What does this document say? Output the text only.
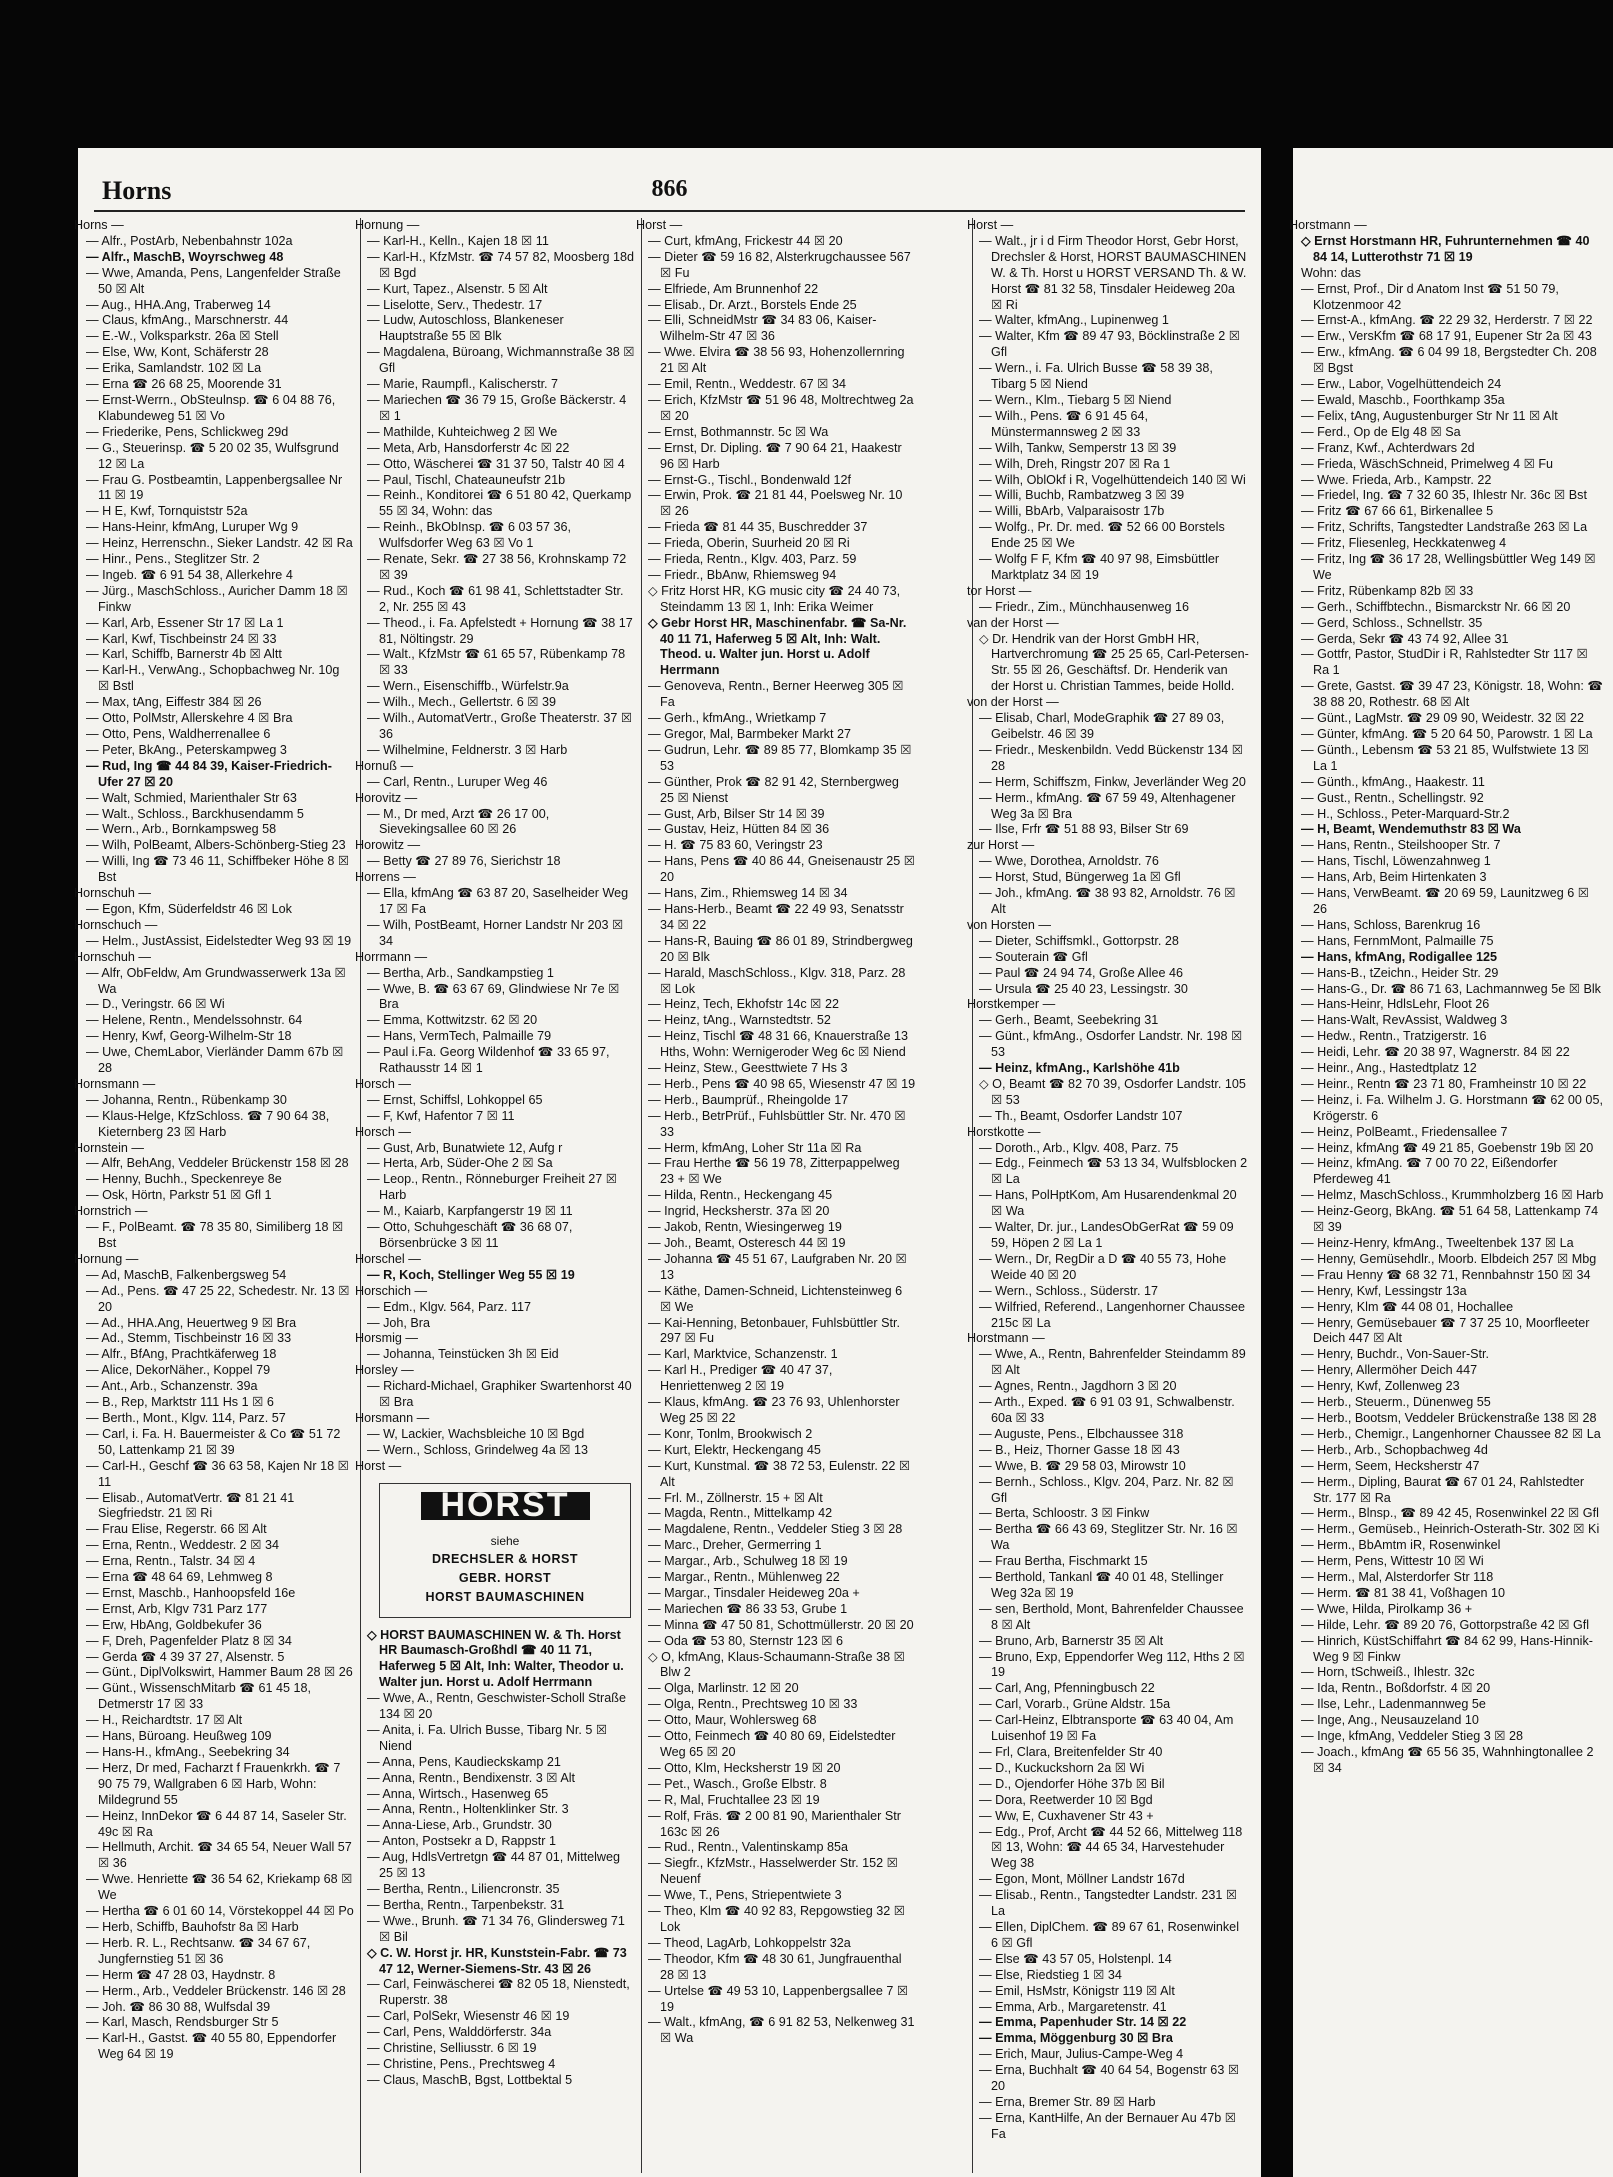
Horns	866
Horns —
— Alfr., PostArb, Nebenbahnstr 102a
— Alfr., MaschB, Woyrschweg 48
— Wwe, Amanda, Pens, Langenfelder Straße 50 ☒ Alt
— Aug., HHA.Ang, Traberweg 14
— Claus, kfmAng., Marschnerstr. 44
— E.-W., Volksparkstr. 26a ☒ Stell
— Else, Ww, Kont, Schäferstr 28
— Erika, Samlandstr. 102 ☒ La
— Erna ☎ 26 68 25, Moorende 31
— Ernst-Werrn., ObSteulnsp. ☎ 6 04 88 76, Klabundeweg 51 ☒ Vo
— Friederike, Pens, Schlickweg 29d
— G., Steuerinsp. ☎ 5 20 02 35, Wulfsgrund 12 ☒ La
— Frau G. Postbeamtin, Lappenbergsallee Nr 11 ☒ 19
— H E, Kwf, Tornquiststr 52a
— Hans-Heinr, kfmAng, Luruper Wg 9
— Heinz, Herrenschn., Sieker Landstr. 42 ☒ Ra
— Hinr., Pens., Steglitzer Str. 2
— Ingeb. ☎ 6 91 54 38, Allerkehre 4
— Jürg., MaschSchloss., Auricher Damm 18 ☒ Finkw
— Karl, Arb, Essener Str 17 ☒ La 1
— Karl, Kwf, Tischbeinstr 24 ☒ 33
— Karl, Schiffb, Barnerstr 4b ☒ Altt
— Karl-H., VerwAng., Schopbachweg Nr. 10g ☒ Bstl
— Max, tAng, Eiffestr 384 ☒ 26
— Otto, PolMstr, Allerskehre 4 ☒ Bra
— Otto, Pens, Waldherrenallee 6
— Peter, BkAng., Peterskampweg 3
— Rud, Ing ☎ 44 84 39, Kaiser-Friedrich-Ufer 27 ☒ 20
— Walt, Schmied, Marienthaler Str 63
— Walt., Schloss., Barckhusendamm 5
— Wern., Arb., Bornkampsweg 58
— Wilh, PolBeamt, Albers-Schönberg-Stieg 23
— Willi, Ing ☎ 73 46 11, Schiffbeker Höhe 8 ☒ Bst
Hornschuh —
— Egon, Kfm, Süderfeldstr 46 ☒ Lok
Hornschuch —
— Helm., JustAssist, Eidelstedter Weg 93 ☒ 19
Hornschuh —
— Alfr, ObFeldw, Am Grundwasserwerk 13a ☒ Wa
— D., Veringstr. 66 ☒ Wi
— Helene, Rentn., Mendelssohnstr. 64
— Henry, Kwf, Georg-Wilhelm-Str 18
— Uwe, ChemLabor, Vierländer Damm 67b ☒ 28
Hornsmann —
— Johanna, Rentn., Rübenkamp 30
— Klaus-Helge, KfzSchloss. ☎ 7 90 64 38, Kieternberg 23 ☒ Harb
Hornstein —
— Alfr, BehAng, Veddeler Brückenstr 158 ☒ 28
— Henny, Buchh., Speckenreye 8e
— Osk, Hörtn, Parkstr 51 ☒ Gfl 1
Hornstrich —
— F., PolBeamt. ☎ 78 35 80, Similiberg 18 ☒ Bst
Hornung —
— Ad, MaschB, Falkenbergsweg 54
— Ad., Pens. ☎ 47 25 22, Schedestr. Nr. 13 ☒ 20
— Ad., HHA.Ang, Heuertweg 9 ☒ Bra
— Ad., Stemm, Tischbeinstr 16 ☒ 33
— Alfr., BfAng, Prachtkäferweg 18
— Alice, DekorNäher., Koppel 79
— Ant., Arb., Schanzenstr. 39a
— B., Rep, Marktstr 111 Hs 1 ☒ 6
— Berth., Mont., Klgv. 114, Parz. 57
— Carl, i. Fa. H. Bauermeister & Co ☎ 51 72 50, Lattenkamp 21 ☒ 39
— Carl-H., Geschf ☎ 36 63 58, Kajen Nr 18 ☒ 11
— Elisab., AutomatVertr. ☎ 81 21 41 Siegfriedstr. 21 ☒ Ri
— Frau Elise, Regerstr. 66 ☒ Alt
— Erna, Rentn., Weddestr. 2 ☒ 34
— Erna, Rentn., Talstr. 34 ☒ 4
— Erna ☎ 48 64 69, Lehmweg 8
— Ernst, Maschb., Hanhoopsfeld 16e
— Ernst, Arb, Klgv 731 Parz 177
— Erw, HbAng, Goldbekufer 36
— F, Dreh, Pagenfelder Platz 8 ☒ 34
— Gerda ☎ 4 39 37 27, Alsenstr. 5
— Günt., DiplVolkswirt, Hammer Baum 28 ☒ 26
— Günt., WissenschMitarb ☎ 61 45 18, Detmerstr 17 ☒ 33
— H., Reichardtstr. 17 ☒ Alt
— Hans, Büroang. Heußweg 109
— Hans-H., kfmAng., Seebekring 34
— Herz, Dr med, Facharzt f Frauenkrkh. ☎ 7 90 75 79, Wallgraben 6 ☒ Harb, Wohn: Mildegrund 55
— Heinz, InnDekor ☎ 6 44 87 14, Saseler Str. 49c ☒ Ra
— Hellmuth, Archit. ☎ 34 65 54, Neuer Wall 57 ☒ 36
— Wwe. Henriette ☎ 36 54 62, Kriekamp 68 ☒ We
— Hertha ☎ 6 01 60 14, Vörstekoppel 44 ☒ Po
— Herb, Schiffb, Bauhofstr 8a ☒ Harb
— Herb. R. L., Rechtsanw. ☎ 34 67 67, Jungfernstieg 51 ☒ 36
— Herm ☎ 47 28 03, Haydnstr. 8
— Herm., Arb., Veddeler Brückenstr. 146 ☒ 28
— Joh. ☎ 86 30 88, Wulfsdal 39
— Karl, Masch, Rendsburger Str 5
— Karl-H., Gastst. ☎ 40 55 80, Eppendorfer Weg 64 ☒ 19
Hornung —
— Karl-H., Kelln., Kajen 18 ☒ 11
— Karl-H., KfzMstr. ☎ 74 57 82, Moosberg 18d ☒ Bgd
— Kurt, Tapez., Alsenstr. 5 ☒ Alt
— Liselotte, Serv., Thedestr. 17
— Ludw, Autoschloss, Blankeneser Hauptstraße 55 ☒ Blk
— Magdalena, Büroang, Wichmannstraße 38 ☒ Gfl
— Marie, Raumpfl., Kalischerstr. 7
— Mariechen ☎ 36 79 15, Große Bäckerstr. 4 ☒ 1
— Mathilde, Kuhteichweg 2 ☒ We
— Meta, Arb, Hansdorferstr 4c ☒ 22
— Otto, Wäscherei ☎ 31 37 50, Talstr 40 ☒ 4
— Paul, Tischl, Chateauneufstr 21b
— Reinh., Konditorei ☎ 6 51 80 42, Querkamp 55 ☒ 34, Wohn: das
— Reinh., BkObInsp. ☎ 6 03 57 36, Wulfsdorfer Weg 63 ☒ Vo 1
— Renate, Sekr. ☎ 27 38 56, Krohnskamp 72 ☒ 39
— Rud., Koch ☎ 61 98 41, Schlettstadter Str. 2, Nr. 255 ☒ 43
— Theod., i. Fa. Apfelstedt + Hornung ☎ 38 17 81, Nöltingstr. 29
— Walt., KfzMstr ☎ 61 65 57, Rübenkamp 78 ☒ 33
— Wern., Eisenschiffb., Würfelstr.9a
— Wilh., Mech., Gellertstr. 6 ☒ 39
— Wilh., AutomatVertr., Große Theaterstr. 37 ☒ 36
— Wilhelmine, Feldnerstr. 3 ☒ Harb
Hornuß —
— Carl, Rentn., Luruper Weg 46
Horovitz —
— M., Dr med, Arzt ☎ 26 17 00, Sievekingsallee 60 ☒ 26
Horowitz —
— Betty ☎ 27 89 76, Sierichstr 18
Horrens —
— Ella, kfmAng ☎ 63 87 20, Saselheider Weg 17 ☒ Fa
— Wilh, PostBeamt, Horner Landstr Nr 203 ☒ 34
Horrmann —
— Bertha, Arb., Sandkampstieg 1
— Wwe, B. ☎ 63 67 69, Glindwiese Nr 7e ☒ Bra
— Emma, Kottwitzstr. 62 ☒ 20
— Hans, VermTech, Palmaille 79
— Paul i.Fa. Georg Wildenhof ☎ 33 65 97, Rathausstr 14 ☒ 1
Horsch —
— Ernst, Schiffsl, Lohkoppel 65
— F, Kwf, Hafentor 7 ☒ 11
Horsch —
— Gust, Arb, Bunatwiete 12, Aufg r
— Herta, Arb, Süder-Ohe 2 ☒ Sa
— Leop., Rentn., Rönneburger Freiheit 27 ☒ Harb
— M., Kaiarb, Karpfangerstr 19 ☒ 11
— Otto, Schuhgeschäft ☎ 36 68 07, Börsenbrücke 3 ☒ 11
Horschel —
— R, Koch, Stellinger Weg 55 ☒ 19
Horschich —
— Edm., Klgv. 564, Parz. 117
— Joh, Bra
Horsmig —
— Johanna, Teinstücken 3h ☒ Eid
Horsley —
— Richard-Michael, Graphiker Swartenhorst 40 ☒ Bra
Horsmann —
— W, Lackier, Wachsbleiche 10 ☒ Bgd
— Wern., Schloss, Grindelweg 4a ☒ 13
Horst —
HORST
siehe
DRECHSLER & HORST
GEBR. HORST
HORST BAUMASCHINEN
◇ HORST BAUMASCHINEN W. & Th. Horst HR Baumasch-Großhdl ☎ 40 11 71, Haferweg 5 ☒ Alt, Inh: Walter, Theodor u. Walter jun. Horst u. Adolf Herrmann
— Wwe, A., Rentn, Geschwister-Scholl Straße 134 ☒ 20
— Anita, i. Fa. Ulrich Busse, Tibarg Nr. 5 ☒ Niend
— Anna, Pens, Kaudieckskamp 21
— Anna, Rentn., Bendixenstr. 3 ☒ Alt
— Anna, Wirtsch., Hasenweg 65
— Anna, Rentn., Holtenklinker Str. 3
— Anna-Liese, Arb., Grundstr. 30
— Anton, Postsekr a D, Rappstr 1
— Aug, HdlsVertretgn ☎ 44 87 01, Mittelweg 25 ☒ 13
— Bertha, Rentn., Liliencronstr. 35
— Bertha, Rentn., Tarpenbekstr. 31
— Wwe., Brunh. ☎ 71 34 76, Glindersweg 71 ☒ Bil
◇ C. W. Horst jr. HR, Kunststein-Fabr. ☎ 73 47 12, Werner-Siemens-Str. 43 ☒ 26
— Carl, Feinwäscherei ☎ 82 05 18, Nienstedt, Ruperstr. 38
— Carl, PolSekr, Wiesenstr 46 ☒ 19
— Carl, Pens, Walddörferstr. 34a
— Christine, Selliusstr. 6 ☒ 19
— Christine, Pens., Prechtsweg 4
— Claus, MaschB, Bgst, Lottbektal 5
Horst —
— Curt, kfmAng, Frickestr 44 ☒ 20
— Dieter ☎ 59 16 82, Alsterkrugchaussee 567 ☒ Fu
— Elfriede, Am Brunnenhof 22
— Elisab., Dr. Arzt., Borstels Ende 25
— Elli, SchneidMstr ☎ 34 83 06, Kaiser-Wilhelm-Str 47 ☒ 36
— Wwe. Elvira ☎ 38 56 93, Hohenzollernring 21 ☒ Alt
— Emil, Rentn., Weddestr. 67 ☒ 34
— Erich, KfzMstr ☎ 51 96 48, Moltrechtweg 2a ☒ 20
— Ernst, Bothmannstr. 5c ☒ Wa
— Ernst, Dr. Dipling. ☎ 7 90 64 21, Haakestr 96 ☒ Harb
— Ernst-G., Tischl., Bondenwald 12f
— Erwin, Prok. ☎ 21 81 44, Poelsweg Nr. 10 ☒ 26
— Frieda ☎ 81 44 35, Buschredder 37
— Frieda, Oberin, Suurheid 20 ☒ Ri
— Frieda, Rentn., Klgv. 403, Parz. 59
— Friedr., BbAnw, Rhiemsweg 94
◇ Fritz Horst HR, KG music city ☎ 24 40 73, Steindamm 13 ☒ 1, Inh: Erika Weimer
◇ Gebr Horst HR, Maschinenfabr. ☎ Sa-Nr. 40 11 71, Haferweg 5 ☒ Alt, Inh: Walt. Theod. u. Walter jun. Horst u. Adolf Herrmann
— Genoveva, Rentn., Berner Heerweg 305 ☒ Fa
— Gerh., kfmAng., Wrietkamp 7
— Gregor, Mal, Barmbeker Markt 27
— Gudrun, Lehr. ☎ 89 85 77, Blomkamp 35 ☒ 53
— Günther, Prok ☎ 82 91 42, Sternbergweg 25 ☒ Nienst
— Gust, Arb, Bilser Str 14 ☒ 39
— Gustav, Heiz, Hütten 84 ☒ 36
— H. ☎ 75 83 60, Veringstr 23
— Hans, Pens ☎ 40 86 44, Gneisenaustr 25 ☒ 20
— Hans, Zim., Rhiemsweg 14 ☒ 34
— Hans-Herb., Beamt ☎ 22 49 93, Senatsstr 34 ☒ 22
— Hans-R, Bauing ☎ 86 01 89, Strindbergweg 20 ☒ Blk
— Harald, MaschSchloss., Klgv. 318, Parz. 28 ☒ Lok
— Heinz, Tech, Ekhofstr 14c ☒ 22
— Heinz, tAng., Warnstedtstr. 52
— Heinz, Tischl ☎ 48 31 66, Knauerstraße 13 Hths, Wohn: Wernigeroder Weg 6c ☒ Niend
— Heinz, Stew., Geesttwiete 7 Hs 3
— Herb., Pens ☎ 40 98 65, Wiesenstr 47 ☒ 19
— Herb., Baumprüf., Rheingolde 17
— Herb., BetrPrüf., Fuhlsbüttler Str. Nr. 470 ☒ 33
— Herm, kfmAng, Loher Str 11a ☒ Ra
— Frau Herthe ☎ 56 19 78, Zitterpappelweg 23 + ☒ We
— Hilda, Rentn., Heckengang 45
— Ingrid, Hecksherstr. 37a ☒ 20
— Jakob, Rentn, Wiesingerweg 19
— Joh., Beamt, Osteresch 44 ☒ 19
— Johanna ☎ 45 51 67, Laufgraben Nr. 20 ☒ 13
— Käthe, Damen-Schneid, Lichtensteinweg 6 ☒ We
— Kai-Henning, Betonbauer, Fuhlsbüttler Str. 297 ☒ Fu
— Karl, Marktvice, Schanzenstr. 1
— Karl H., Prediger ☎ 40 47 37, Henriettenweg 2 ☒ 19
— Klaus, kfmAng. ☎ 23 76 93, Uhlenhorster Weg 25 ☒ 22
— Konr, Tonlm, Brookwisch 2
— Kurt, Elektr, Heckengang 45
— Kurt, Kunstmal. ☎ 38 72 53, Eulenstr. 22 ☒ Alt
— Frl. M., Zöllnerstr. 15 + ☒ Alt
— Magda, Rentn., Mittelkamp 42
— Magdalene, Rentn., Veddeler Stieg 3 ☒ 28
— Marc., Dreher, Germerring 1
— Margar., Arb., Schulweg 18 ☒ 19
— Margar., Rentn., Mühlenweg 22
— Margar., Tinsdaler Heideweg 20a +
— Mariechen ☎ 86 33 53, Grube 1
— Minna ☎ 47 50 81, Schottmüllerstr. 20 ☒ 20
— Oda ☎ 53 80, Sternstr 123 ☒ 6
◇ O, kfmAng, Klaus-Schaumann-Straße 38 ☒ Blw 2
— Olga, Marlinstr. 12 ☒ 20
— Olga, Rentn., Prechtsweg 10 ☒ 33
— Otto, Maur, Wohlersweg 68
— Otto, Feinmech ☎ 40 80 69, Eidelstedter Weg 65 ☒ 20
— Otto, Klm, Hecksherstr 19 ☒ 20
— Pet., Wasch., Große Elbstr. 8
— R, Mal, Fruchtallee 23 ☒ 19
— Rolf, Fräs. ☎ 2 00 81 90, Marienthaler Str 163c ☒ 26
— Rud., Rentn., Valentinskamp 85a
— Siegfr., KfzMstr., Hasselwerder Str. 152 ☒ Neuenf
— Wwe, T., Pens, Striepentwiete 3
— Theo, Klm ☎ 40 92 83, Repgowstieg 32 ☒ Lok
— Theod, LagArb, Lohkoppelstr 32a
— Theodor, Kfm ☎ 48 30 61, Jungfrauenthal 28 ☒ 13
— Urtelse ☎ 49 53 10, Lappenbergsallee 7 ☒ 19
— Walt., kfmAng, ☎ 6 91 82 53, Nelkenweg 31 ☒ Wa
Horst —
— Walt., jr i d Firm Theodor Horst, Gebr Horst, Drechsler & Horst, HORST BAUMASCHINEN W. & Th. Horst u HORST VERSAND Th. & W. Horst ☎ 81 32 58, Tinsdaler Heideweg 20a ☒ Ri
— Walter, kfmAng., Lupinenweg 1
— Walter, Kfm ☎ 89 47 93, Böcklinstraße 2 ☒ Gfl
— Wern., i. Fa. Ulrich Busse ☎ 58 39 38, Tibarg 5 ☒ Niend
— Wern., Klm., Tiebarg 5 ☒ Niend
— Wilh., Pens. ☎ 6 91 45 64, Münstermannsweg 2 ☒ 33
— Wilh, Tankw, Semperstr 13 ☒ 39
— Wilh, Dreh, Ringstr 207 ☒ Ra 1
— Wilh, OblOkf i R, Vogelhüttendeich 140 ☒ Wi
— Willi, Buchb, Rambatzweg 3 ☒ 39
— Willi, BbArb, Valparaisostr 17b
— Wolfg., Pr. Dr. med. ☎ 52 66 00 Borstels Ende 25 ☒ We
— Wolfg F F, Kfm ☎ 40 97 98, Eimsbüttler Marktplatz 34 ☒ 19
tor Horst —
— Friedr., Zim., Münchhausenweg 16
van der Horst —
◇ Dr. Hendrik van der Horst GmbH HR, Hartverchromung ☎ 25 25 65, Carl-Petersen-Str. 55 ☒ 26, Geschäftsf. Dr. Henderik van der Horst u. Christian Tammes, beide Holld.
von der Horst —
— Elisab, Charl, ModeGraphik ☎ 27 89 03, Geibelstr. 46 ☒ 39
— Friedr., Meskenbildn. Vedd Bückenstr 134 ☒ 28
— Herm, Schiffszm, Finkw, Jeverländer Weg 20
— Herm., kfmAng. ☎ 67 59 49, Altenhagener Weg 3a ☒ Bra
— Ilse, Frfr ☎ 51 88 93, Bilser Str 69
zur Horst —
— Wwe, Dorothea, Arnoldstr. 76
— Horst, Stud, Büngerweg 1a ☒ Gfl
— Joh., kfmAng. ☎ 38 93 82, Arnoldstr. 76 ☒ Alt
von Horsten —
— Dieter, Schiffsmkl., Gottorpstr. 28
— Souterain ☎ Gfl
— Paul ☎ 24 94 74, Große Allee 46
— Ursula ☎ 25 40 23, Lessingstr. 30
Horstkemper —
— Gerh., Beamt, Seebekring 31
— Günt., kfmAng., Osdorfer Landstr. Nr. 198 ☒ 53
— Heinz, kfmAng., Karlshöhe 41b
◇ O, Beamt ☎ 82 70 39, Osdorfer Landstr. 105 ☒ 53
— Th., Beamt, Osdorfer Landstr 107
Horstkotte —
— Doroth., Arb., Klgv. 408, Parz. 75
— Edg., Feinmech ☎ 53 13 34, Wulfsblocken 2 ☒ La
— Hans, PolHptKom, Am Husarendenkmal 20 ☒ Wa
— Walter, Dr. jur., LandesObGerRat ☎ 59 09 59, Höpen 2 ☒ La 1
— Wern., Dr, RegDir a D ☎ 40 55 73, Hohe Weide 40 ☒ 20
— Wern., Schloss., Süderstr. 17
— Wilfried, Referend., Langenhorner Chaussee 215c ☒ La
Horstmann —
— Wwe, A., Rentn, Bahrenfelder Steindamm 89 ☒ Alt
— Agnes, Rentn., Jagdhorn 3 ☒ 20
— Arth., Exped. ☎ 6 91 03 91, Schwalbenstr. 60a ☒ 33
— Auguste, Pens., Elbchaussee 318
— B., Heiz, Thorner Gasse 18 ☒ 43
— Wwe, B. ☎ 29 58 03, Mirowstr 10
— Bernh., Schloss., Klgv. 204, Parz. Nr. 82 ☒ Gfl
— Berta, Schloostr. 3 ☒ Finkw
— Bertha ☎ 66 43 69, Steglitzer Str. Nr. 16 ☒ Wa
— Frau Bertha, Fischmarkt 15
— Berthold, Tankanl ☎ 40 01 48, Stellinger Weg 32a ☒ 19
— sen, Berthold, Mont, Bahrenfelder Chaussee 8 ☒ Alt
— Bruno, Arb, Barnerstr 35 ☒ Alt
— Bruno, Exp, Eppendorfer Weg 112, Hths 2 ☒ 19
— Carl, Ang, Pfenningbusch 22
— Carl, Vorarb., Grüne Aldstr. 15a
— Carl-Heinz, Elbtransporte ☎ 63 40 04, Am Luisenhof 19 ☒ Fa
— Frl, Clara, Breitenfelder Str 40
— D., Kuckuckshorn 2a ☒ Wi
— D., Ojendorfer Höhe 37b ☒ Bil
— Dora, Reetwerder 10 ☒ Bgd
— Ww, E, Cuxhavener Str 43 +
— Edg., Prof, Archt ☎ 44 52 66, Mittelweg 118 ☒ 13, Wohn: ☎ 44 65 34, Harvestehuder Weg 38
— Egon, Mont, Möllner Landstr 167d
— Elisab., Rentn., Tangstedter Landstr. 231 ☒ La
— Ellen, DiplChem. ☎ 89 67 61, Rosenwinkel 6 ☒ Gfl
— Else ☎ 43 57 05, Holstenpl. 14
— Else, Riedstieg 1 ☒ 34
— Emil, HsMstr, Königstr 119 ☒ Alt
— Emma, Arb., Margaretenstr. 41
— Emma, Papenhuder Str. 14 ☒ 22
— Emma, Möggenburg 30 ☒ Bra
— Erich, Maur, Julius-Campe-Weg 4
— Erna, Buchhalt ☎ 40 64 54, Bogenstr 63 ☒ 20
— Erna, Bremer Str. 89 ☒ Harb
— Erna, KantHilfe, An der Bernauer Au 47b ☒ Fa
Horstmann —
◇ Ernst Horstmann HR, Fuhrunternehmen ☎ 40 84 14, Lutterothstr 71 ☒ 19
Wohn: das
— Ernst, Prof., Dir d Anatom Inst ☎ 51 50 79, Klotzenmoor 42
— Ernst-A., kfmAng. ☎ 22 29 32, Herderstr. 7 ☒ 22
— Erw., VersKfm ☎ 68 17 91, Eupener Str 2a ☒ 43
— Erw., kfmAng. ☎ 6 04 99 18, Bergstedter Ch. 208 ☒ Bgst
— Erw., Labor, Vogelhüttendeich 24
— Ewald, Maschb., Foorthkamp 35a
— Felix, tAng, Augustenburger Str Nr 11 ☒ Alt
— Ferd., Op de Elg 48 ☒ Sa
— Franz, Kwf., Achterdwars 2d
— Frieda, WäschSchneid, Primelweg 4 ☒ Fu
— Wwe. Frieda, Arb., Kampstr. 22
— Friedel, Ing. ☎ 7 32 60 35, Ihlestr Nr. 36c ☒ Bst
— Fritz ☎ 67 66 61, Birkenallee 5
— Fritz, Schrifts, Tangstedter Landstraße 263 ☒ La
— Fritz, Fliesenleg, Heckkatenweg 4
— Fritz, Ing ☎ 36 17 28, Wellingsbüttler Weg 149 ☒ We
— Fritz, Rübenkamp 82b ☒ 33
— Gerh., Schiffbtechn., Bismarckstr Nr. 66 ☒ 20
— Gerd, Schloss., Schnellstr. 35
— Gerda, Sekr ☎ 43 74 92, Allee 31
— Gottfr, Pastor, StudDir i R, Rahlstedter Str 117 ☒ Ra 1
— Grete, Gastst. ☎ 39 47 23, Königstr. 18, Wohn: ☎ 38 88 20, Rothestr. 68 ☒ Alt
— Günt., LagMstr. ☎ 29 09 90, Weidestr. 32 ☒ 22
— Günter, kfmAng. ☎ 5 20 64 50, Parowstr. 1 ☒ La
— Günth., Lebensm ☎ 53 21 85, Wulfstwiete 13 ☒ La 1
— Günth., kfmAng., Haakestr. 11
— Gust., Rentn., Schellingstr. 92
— H., Schloss., Peter-Marquard-Str.2
— H, Beamt, Wendemuthstr 83 ☒ Wa
— Hans, Rentn., Steilshooper Str. 7
— Hans, Tischl, Löwenzahnweg 1
— Hans, Arb, Beim Hirtenkaten 3
— Hans, VerwBeamt. ☎ 20 69 59, Launitzweg 6 ☒ 26
— Hans, Schloss, Barenkrug 16
— Hans, FernmMont, Palmaille 75
— Hans, kfmAng, Rodigallee 125
— Hans-B., tZeichn., Heider Str. 29
— Hans-G., Dr. ☎ 86 71 63, Lachmannweg 5e ☒ Blk
— Hans-Heinr, HdlsLehr, Floot 26
— Hans-Walt, RevAssist, Waldweg 3
— Hedw., Rentn., Tratzigerstr. 16
— Heidi, Lehr. ☎ 20 38 97, Wagnerstr. 84 ☒ 22
— Heinr., Ang., Hastedtplatz 12
— Heinr., Rentn ☎ 23 71 80, Framheinstr 10 ☒ 22
— Heinz, i. Fa. Wilhelm J. G. Horstmann ☎ 62 00 05, Krögerstr. 6
— Heinz, PolBeamt., Friedensallee 7
— Heinz, kfmAng ☎ 49 21 85, Goebenstr 19b ☒ 20
— Heinz, kfmAng. ☎ 7 00 70 22, Eißendorfer Pferdeweg 41
— Helmz, MaschSchloss., Krummholzberg 16 ☒ Harb
— Heinz-Georg, BkAng. ☎ 51 64 58, Lattenkamp 74 ☒ 39
— Heinz-Henry, kfmAng., Tweeltenbek 137 ☒ La
— Henny, Gemüsehdlr., Moorb. Elbdeich 257 ☒ Mbg
— Frau Henny ☎ 68 32 71, Rennbahnstr 150 ☒ 34
— Henry, Kwf, Lessingstr 13a
— Henry, Klm ☎ 44 08 01, Hochallee
— Henry, Gemüsebauer ☎ 7 37 25 10, Moorfleeter Deich 447 ☒ Alt
— Henry, Buchdr., Von-Sauer-Str.
— Henry, Allermöher Deich 447
— Henry, Kwf, Zollenweg 23
— Herb., Steuerm., Dünenweg 55
— Herb., Bootsm, Veddeler Brückenstraße 138 ☒ 28
— Herb., Chemigr., Langenhorner Chaussee 82 ☒ La
— Herb., Arb., Schopbachweg 4d
— Herm, Seem, Hecksherstr 47
— Herm., Dipling, Baurat ☎ 67 01 24, Rahlstedter Str. 177 ☒ Ra
— Herm., Blnsp., ☎ 89 42 45, Rosenwinkel 22 ☒ Gfl
— Herm., Gemüseb., Heinrich-Osterath-Str. 302 ☒ Ki
— Herm., BbAmtm iR, Rosenwinkel
— Herm, Pens, Wittestr 10 ☒ Wi
— Herm., Mal, Alsterdorfer Str 118
— Herm. ☎ 81 38 41, Voßhagen 10
— Wwe, Hilda, Pirolkamp 36 +
— Hilde, Lehr. ☎ 89 20 76, Gottorpstraße 42 ☒ Gfl
— Hinrich, KüstSchiffahrt ☎ 84 62 99, Hans-Hinnik-Weg 9 ☒ Finkw
— Horn, tSchweiß., Ihlestr. 32c
— Ida, Rentn., Boßdorfstr. 4 ☒ 20
— Ilse, Lehr., Ladenmannweg 5e
— Inge, Ang., Neusauzeland 10
— Inge, kfmAng, Veddeler Stieg 3 ☒ 28
— Joach., kfmAng ☎ 65 56 35, Wahnhingtonallee 2 ☒ 34
